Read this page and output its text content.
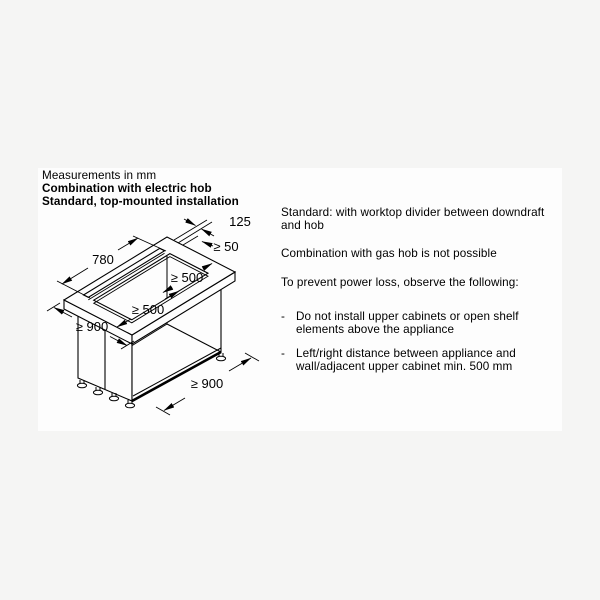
Measurements in mm
Combination with electric hob
Standard, top-mounted installation
780
125
≥ 50
≥ 500
≥ 500
≥ 900
≥ 900

Standard: with worktop divider between downdraft
and hob

Combination with gas hob is not possible

To prevent power loss, observe the following:

- Do not install upper cabinets or open shelf
elements above the appliance
- Left/right distance between appliance and
wall/adjacent upper cabinet min. 500 mm
